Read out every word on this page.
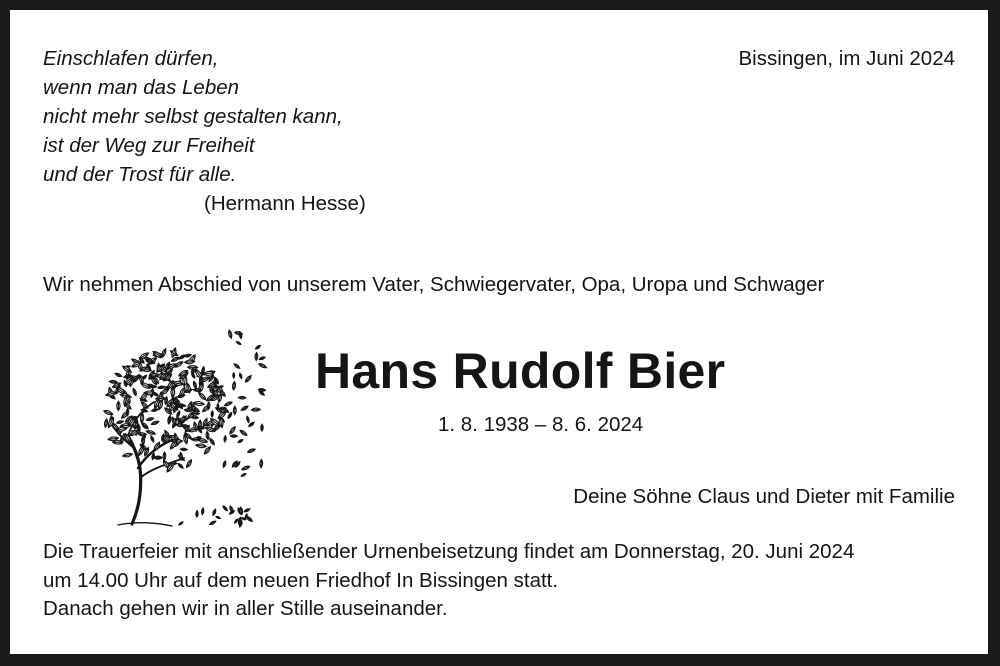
Einschlafen dürfen,
wenn man das Leben
nicht mehr selbst gestalten kann,
ist der Weg zur Freiheit
und der Trost für alle.
(Hermann Hesse)
Bissingen, im Juni 2024
Wir nehmen Abschied von unserem Vater, Schwiegervater, Opa, Uropa und Schwager
Hans Rudolf Bier
1. 8. 1938 – 8. 6. 2024
Deine Söhne Claus und Dieter mit Familie
Die Trauerfeier mit anschließender Urnenbeisetzung findet am Donnerstag, 20. Juni 2024
um 14.00 Uhr auf dem neuen Friedhof In Bissingen statt.
Danach gehen wir in aller Stille auseinander.
